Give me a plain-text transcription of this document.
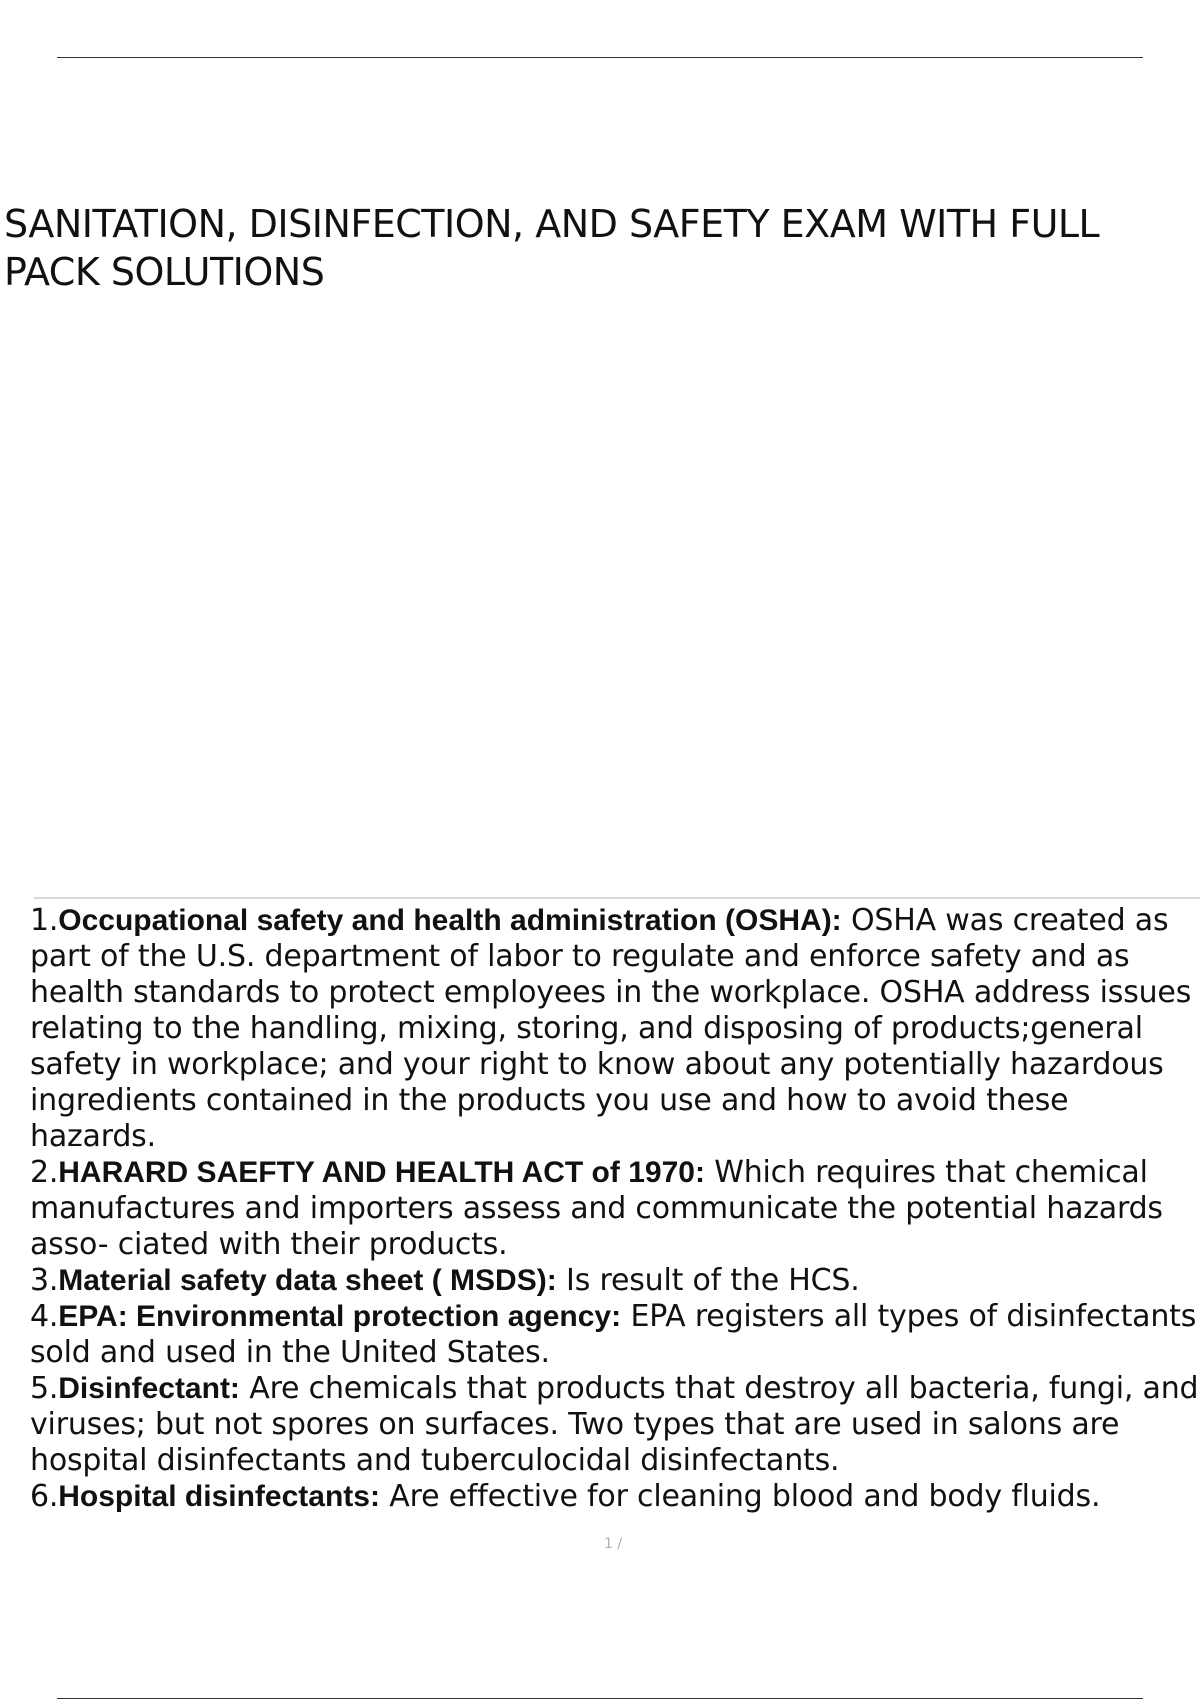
SANITATION, DISINFECTION, AND SAFETY EXAM WITH FULL PACK SOLUTIONS
1.Occupational safety and health administration (OSHA): OSHA was created as part of the U.S. department of labor to regulate and enforce safety and as health standards to protect employees in the workplace. OSHA address issues relating to the handling, mixing, storing, and disposing of products;general safety in workplace; and your right to know about any potentially hazardous ingredients contained in the products you use and how to avoid these hazards.
2.HARARD SAEFTY AND HEALTH ACT of 1970: Which requires that chemical manufactures and importers assess and communicate the potential hazards asso- ciated with their products.
3.Material safety data sheet ( MSDS): Is result of the HCS.
4.EPA: Environmental protection agency: EPA registers all types of disinfectants sold and used in the United States.
5.Disinfectant: Are chemicals that products that destroy all bacteria, fungi, and viruses; but not spores on surfaces. Two types that are used in salons are hospital disinfectants and tuberculocidal disinfectants.
6.Hospital disinfectants: Are effective for cleaning blood and body fluids.
1 /
